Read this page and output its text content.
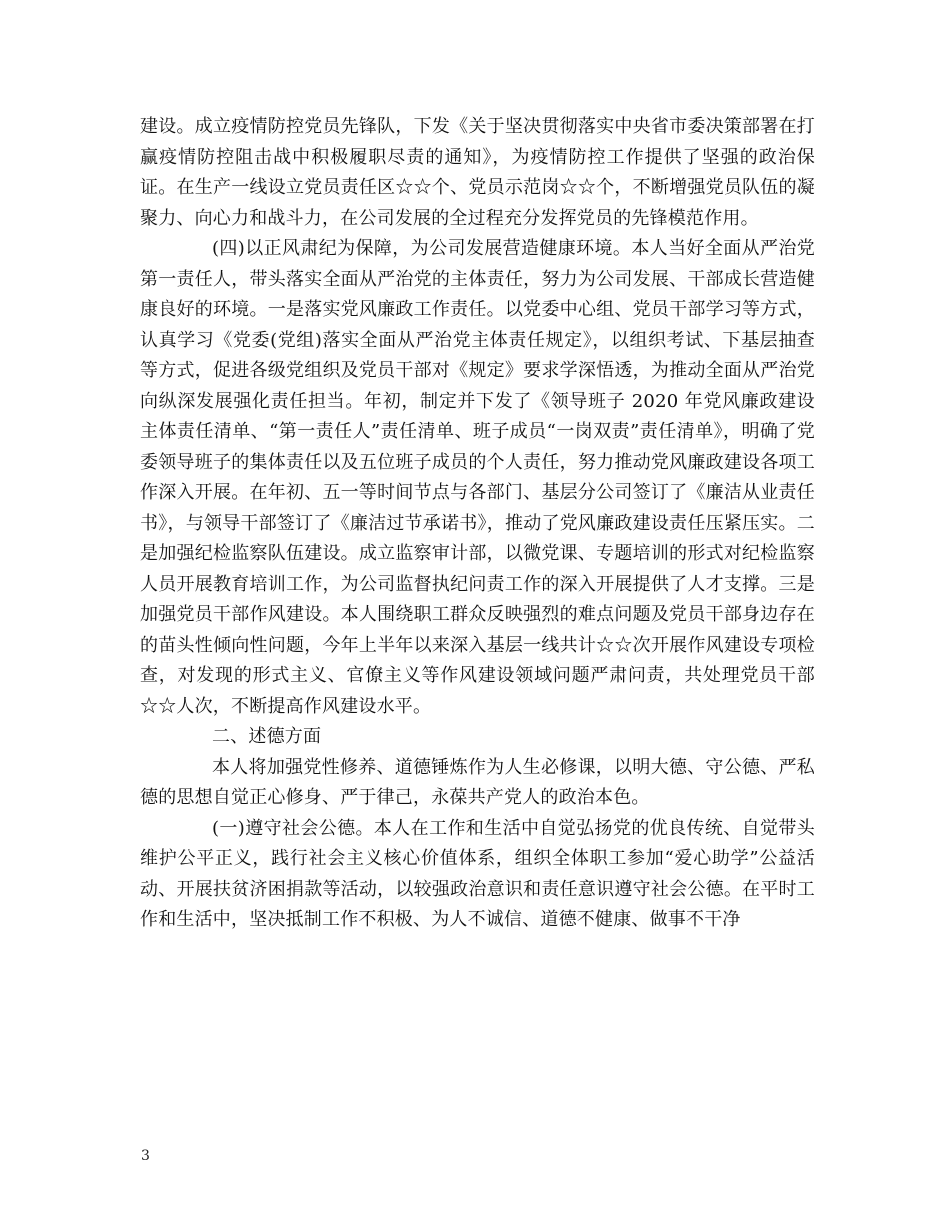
建设。成立疫情防控党员先锋队，下发《关于坚决贯彻落实中央省市委决策部署在打赢疫情防控阻击战中积极履职尽责的通知》，为疫情防控工作提供了坚强的政治保证。在生产一线设立党员责任区☆☆个、党员示范岗☆☆个，不断增强党员队伍的凝聚力、向心力和战斗力，在公司发展的全过程充分发挥党员的先锋模范作用。

(四)以正风肃纪为保障，为公司发展营造健康环境。本人当好全面从严治党第一责任人，带头落实全面从严治党的主体责任，努力为公司发展、干部成长营造健康良好的环境。一是落实党风廉政工作责任。以党委中心组、党员干部学习等方式，认真学习《党委(党组)落实全面从严治党主体责任规定》，以组织考试、下基层抽查等方式，促进各级党组织及党员干部对《规定》要求学深悟透，为推动全面从严治党向纵深发展强化责任担当。年初，制定并下发了《领导班子 2020 年党风廉政建设主体责任清单、“第一责任人”责任清单、班子成员“一岗双责”责任清单》，明确了党委领导班子的集体责任以及五位班子成员的个人责任，努力推动党风廉政建设各项工作深入开展。在年初、五一等时间节点与各部门、基层分公司签订了《廉洁从业责任书》，与领导干部签订了《廉洁过节承诺书》，推动了党风廉政建设责任压紧压实。二是加强纪检监察队伍建设。成立监察审计部，以微党课、专题培训的形式对纪检监察人员开展教育培训工作，为公司监督执纪问责工作的深入开展提供了人才支撑。三是加强党员干部作风建设。本人围绕职工群众反映强烈的难点问题及党员干部身边存在的苗头性倾向性问题，今年上半年以来深入基层一线共计☆☆次开展作风建设专项检查，对发现的形式主义、官僚主义等作风建设领域问题严肃问责，共处理党员干部☆☆人次，不断提高作风建设水平。

二、述德方面

本人将加强党性修养、道德锤炼作为人生必修课，以明大德、守公德、严私德的思想自觉正心修身、严于律己，永葆共产党人的政治本色。

(一)遵守社会公德。本人在工作和生活中自觉弘扬党的优良传统、自觉带头维护公平正义，践行社会主义核心价值体系，组织全体职工参加“爱心助学”公益活动、开展扶贫济困捐款等活动，以较强政治意识和责任意识遵守社会公德。在平时工作和生活中，坚决抵制工作不积极、为人不诚信、道德不健康、做事不干净

3
